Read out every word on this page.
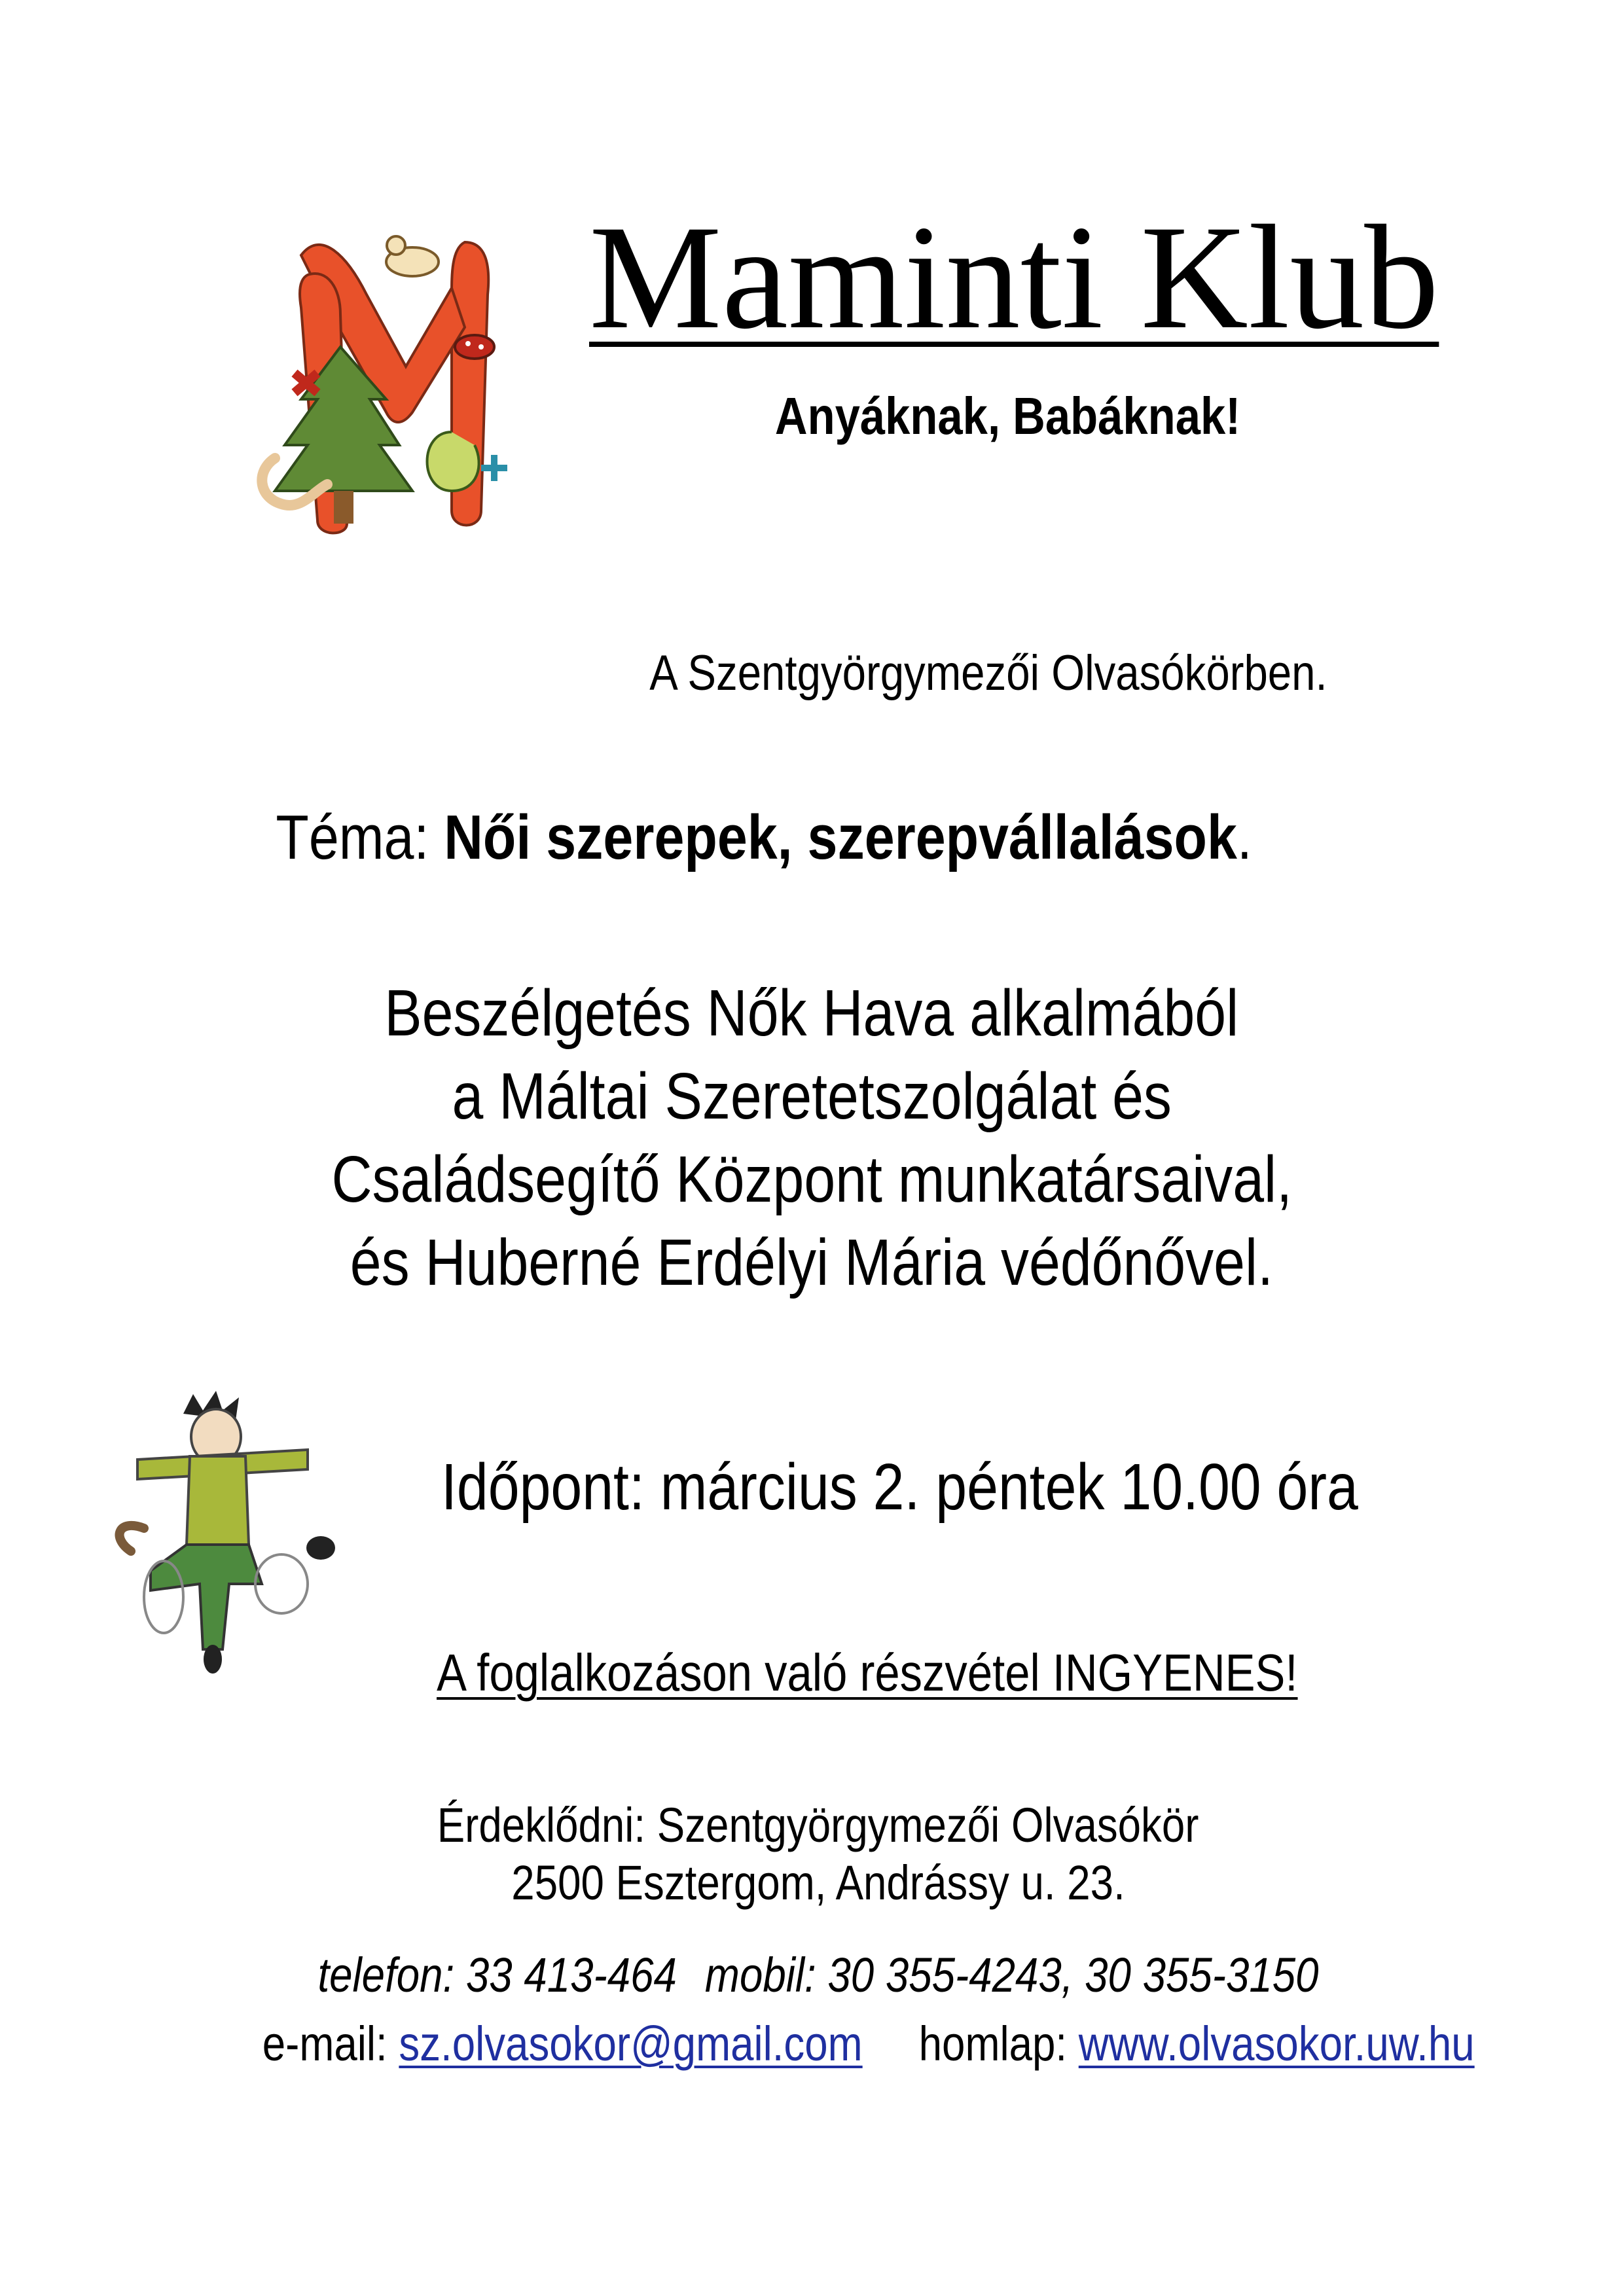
Maminti Klub
Anyáknak, Babáknak!
A Szentgyörgymezői Olvasókörben.
Téma: Női szerepek, szerepvállalások.
Beszélgetés Nők Hava alkalmából
a Máltai Szeretetszolgálat és
Családsegítő Központ munkatársaival,
és Huberné Erdélyi Mária védőnővel.
Időpont: március 2. péntek 10.00 óra
A foglalkozáson való részvétel INGYENES!
Érdeklődni: Szentgyörgymezői Olvasókör
2500 Esztergom, Andrássy u. 23.
telefon: 33 413-464 mobil: 30 355-4243, 30 355-3150
e-mail: sz.olvasokor@gmail.com homlap: www.olvasokor.uw.hu
